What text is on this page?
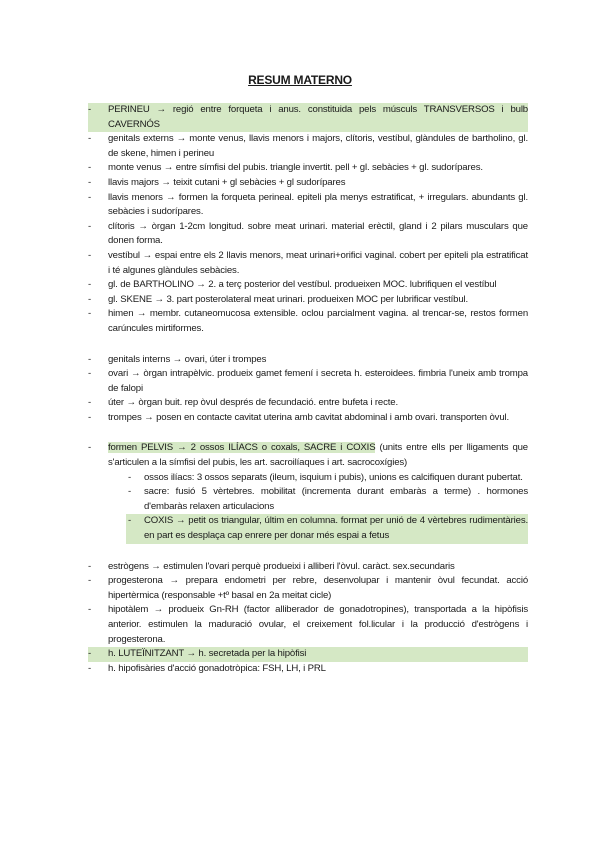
RESUM MATERNO
- PERINEU → regió entre forqueta i anus. constituida pels músculs TRANSVERSOS i bulb CAVERNÓS
- genitals externs → monte venus, llavis menors i majors, clítoris, vestíbul, glàndules de bartholino, gl. de skene, himen i perineu
- monte venus → entre símfisi del pubis. triangle invertit. pell + gl. sebàcies + gl. sudorípares.
- llavis majors → teixit cutani + gl sebàcies + gl sudorípares
- llavis menors → formen la forqueta perineal. epiteli pla menys estratificat, + irregulars. abundants gl. sebàcies i sudorípares.
- clítoris → òrgan 1-2cm longitud. sobre meat urinari. material erèctil, gland i 2 pilars musculars que donen forma.
- vestíbul → espai entre els 2 llavis menors, meat urinari+orifici vaginal. cobert per epiteli pla estratificat i té algunes glàndules sebàcies.
- gl. de BARTHOLINO → 2. a terç posterior del vestíbul. produeixen MOC. lubrifiquen el vestíbul
- gl. SKENE → 3. part posterolateral meat urinari. produeixen MOC per lubrificar vestíbul.
- himen → membr. cutaneomucosa extensible. oclou parcialment vagina. al trencar-se, restos formen carúncules mirtiformes.
- genitals interns → ovari, úter i trompes
- ovari → òrgan intrapèlvic. produeix gamet femení i secreta h. esteroidees. fimbria l'uneix amb trompa de falopi
- úter → òrgan buit. rep òvul després de fecundació. entre bufeta i recte.
- trompes → posen en contacte cavitat uterina amb cavitat abdominal i amb ovari. transporten òvul.
- formen PELVIS → 2 ossos ILÍACS o coxals, SACRE i COXIS (units entre ells per lligaments que s'articulen a la símfisi del pubis, les art. sacroilíaques i art. sacrocoxígies)
- ossos ilíacs: 3 ossos separats (ileum, isquium i pubis), unions es calcifiquen durant pubertat.
- sacre: fusió 5 vèrtebres. mobilitat (incrementa durant embaràs a terme) . hormones d'embaràs relaxen articulacions
- COXIS → petit os triangular, últim en columna. format per unió de 4 vèrtebres rudimentàries. en part es desplaça cap enrere per donar més espai a fetus
- estrògens → estimulen l'ovari perquè produeixi i alliberi l'òvul. caràct. sex.secundaris
- progesterona → prepara endometri per rebre, desenvolupar i mantenir òvul fecundat. acció hipertèrmica (responsable +tº basal en 2a meitat cicle)
- hipotàlem → produeix Gn-RH (factor alliberador de gonadotropines), transportada a la hipòfisis anterior. estimulen la maduració ovular, el creixement fol.licular i la producció d'estrògens i progesterona.
- h. LUTEÏNITZANT → h. secretada per la hipòfisi
- h. hipofisàries d'acció gonadotròpica: FSH, LH, i PRL
